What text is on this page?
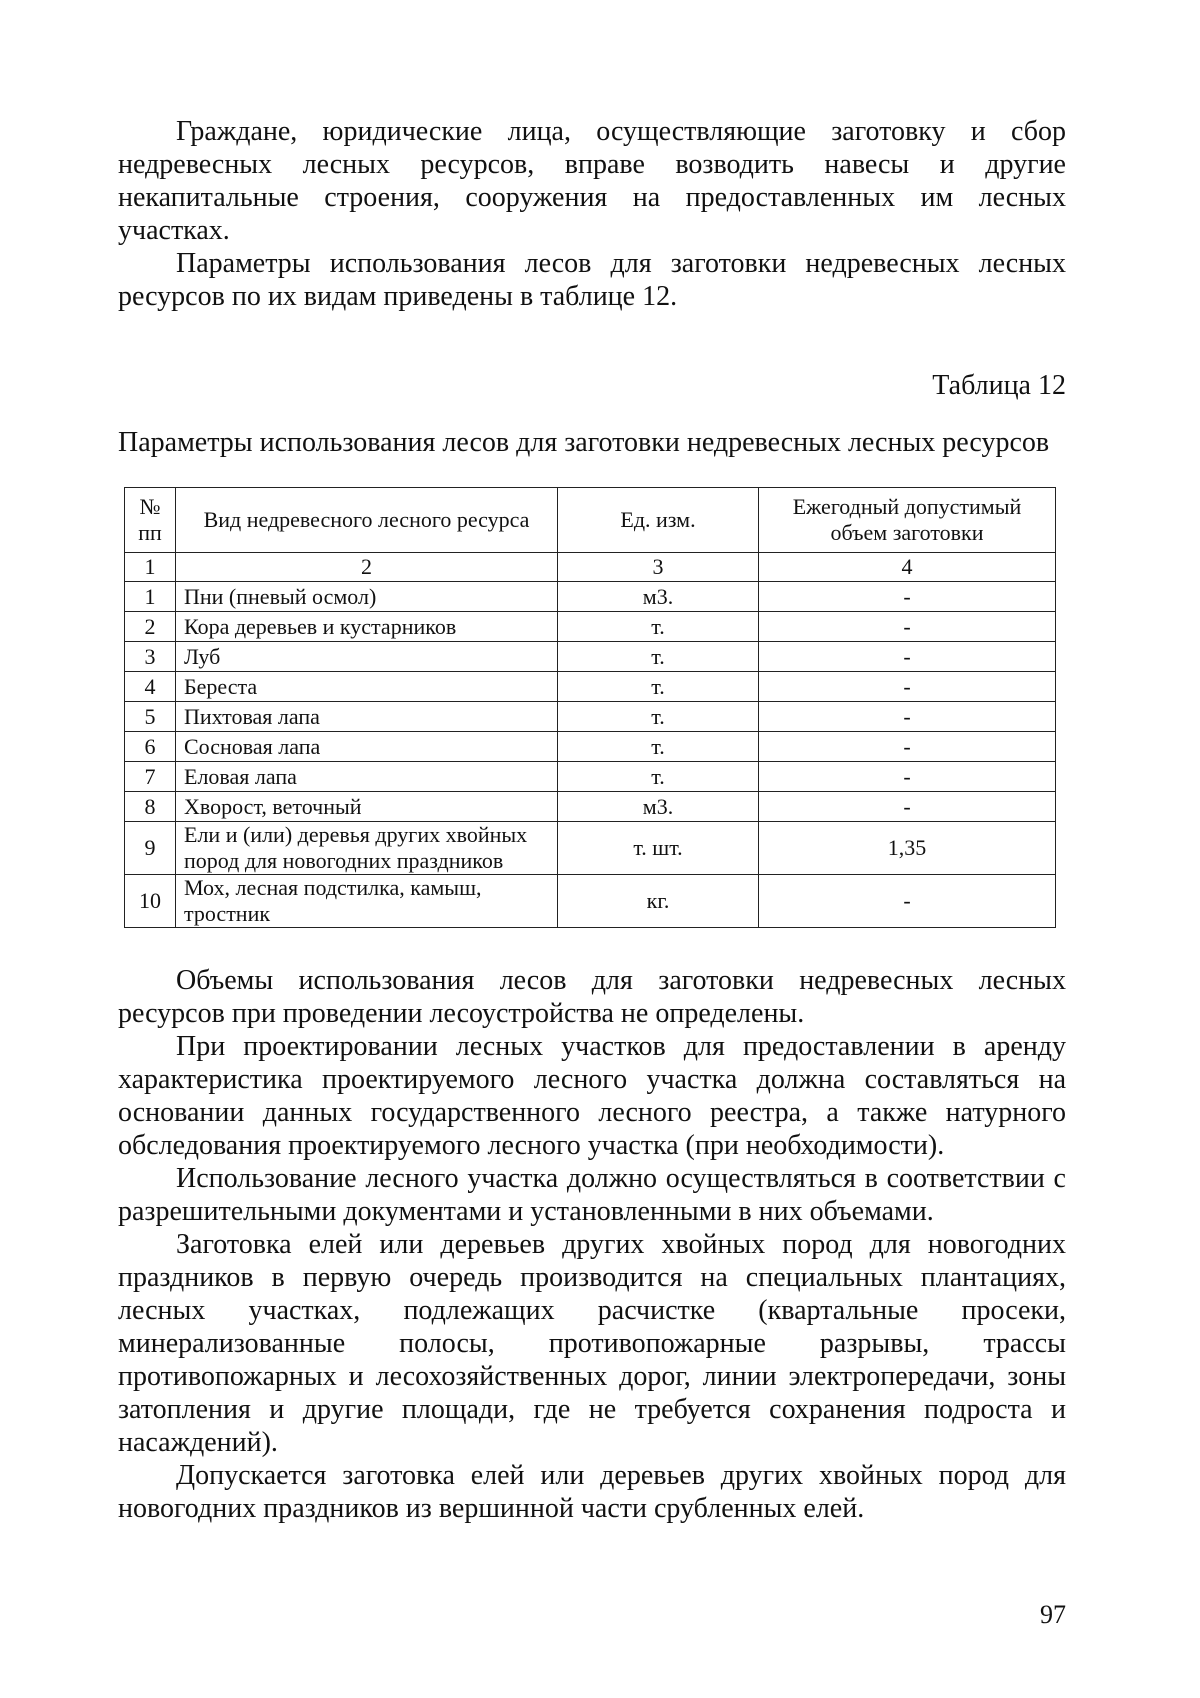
Граждане, юридические лица, осуществляющие заготовку и сбор недревесных лесных ресурсов, вправе возводить навесы и другие некапитальные строения, сооружения на предоставленных им лесных участках.

Параметры использования лесов для заготовки недревесных лесных ресурсов по их видам приведены в таблице 12.

Таблица 12
Параметры использования лесов для заготовки недревесных лесных ресурсов
№ пп	Вид недревесного лесного ресурса	Ед. изм.	Ежегодный допустимый объем заготовки
1	2	3	4
1	Пни (пневый осмол)	м3.	-
2	Кора деревьев и кустарников	т.	-
3	Луб	т.	-
4	Береста	т.	-
5	Пихтовая лапа	т.	-
6	Сосновая лапа	т.	-
7	Еловая лапа	т.	-
8	Хворост, веточный	м3.	-
9	Ели и (или) деревья других хвойных пород для новогодних праздников	т. шт.	1,35
10	Мох, лесная подстилка, камыш, тростник	кг.	-

Объемы использования лесов для заготовки недревесных лесных ресурсов при проведении лесоустройства не определены.

При проектировании лесных участков для предоставлении в аренду характеристика проектируемого лесного участка должна составляться на основании данных государственного лесного реестра, а также натурного обследования проектируемого лесного участка (при необходимости).

Использование лесного участка должно осуществляться в соответствии с разрешительными документами и установленными в них объемами.

Заготовка елей или деревьев других хвойных пород для новогодних праздников в первую очередь производится на специальных плантациях, лесных участках, подлежащих расчистке (квартальные просеки, минерализованные полосы, противопожарные разрывы, трассы противопожарных и лесохозяйственных дорог, линии электропередачи, зоны затопления и другие площади, где не требуется сохранения подроста и насаждений).

Допускается заготовка елей или деревьев других хвойных пород для новогодних праздников из вершинной части срубленных елей.

97
